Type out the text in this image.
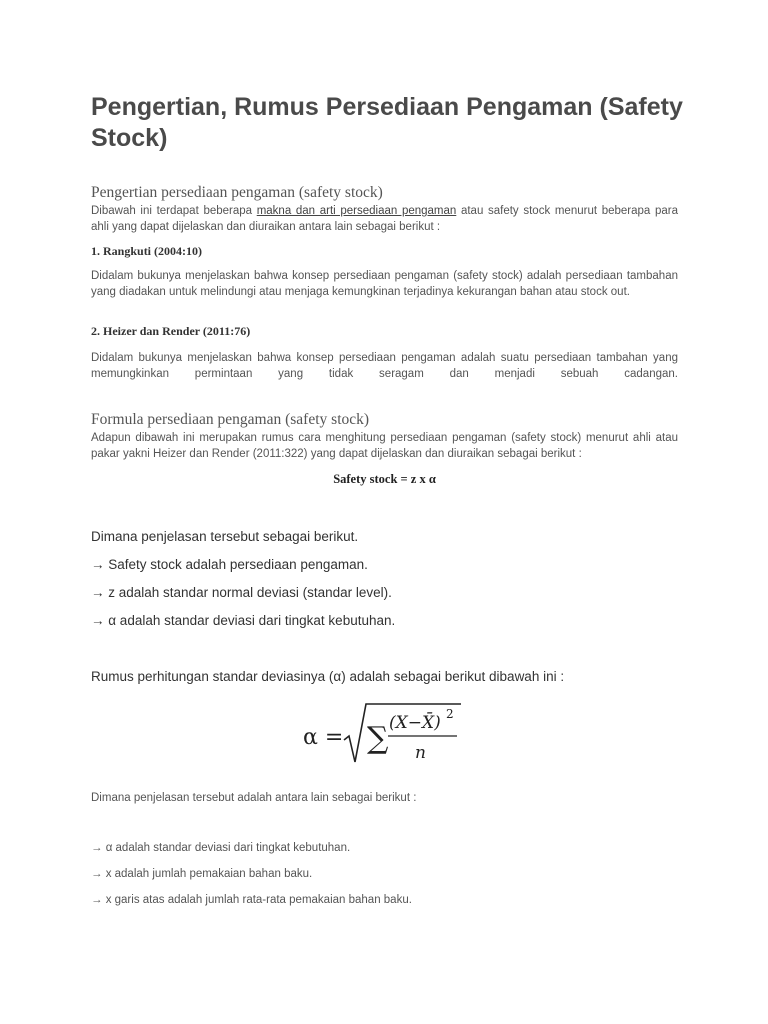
Pengertian, Rumus Persediaan Pengaman (Safety Stock)
Pengertian persediaan pengaman (safety stock)
Dibawah ini terdapat beberapa makna dan arti persediaan pengaman atau safety stock menurut beberapa para ahli yang dapat dijelaskan dan diuraikan antara lain sebagai berikut :
1. Rangkuti (2004:10)
Didalam bukunya menjelaskan bahwa konsep persediaan pengaman (safety stock) adalah persediaan tambahan yang diadakan untuk melindungi atau menjaga kemungkinan terjadinya kekurangan bahan atau stock out.
2. Heizer dan Render (2011:76)
Didalam bukunya menjelaskan bahwa konsep persediaan pengaman adalah suatu persediaan tambahan yang memungkinkan permintaan yang tidak seragam dan menjadi sebuah cadangan.
Formula persediaan pengaman (safety stock)
Adapun dibawah ini merupakan rumus cara menghitung persediaan pengaman (safety stock) menurut ahli atau pakar yakni Heizer dan Render (2011:322) yang dapat dijelaskan dan diuraikan sebagai berikut :
Safety stock = z x α
Dimana penjelasan tersebut sebagai berikut.
→ Safety stock adalah persediaan pengaman.
→ z adalah standar normal deviasi (standar level).
→ α adalah standar deviasi dari tingkat kebutuhan.
Rumus perhitungan standar deviasinya (α) adalah sebagai berikut dibawah ini :
α = ∑ (X−X̄) 2
n
Dimana penjelasan tersebut adalah antara lain sebagai berikut :
→ α adalah standar deviasi dari tingkat kebutuhan.
→ x adalah jumlah pemakaian bahan baku.
→ x garis atas adalah jumlah rata-rata pemakaian bahan baku.
